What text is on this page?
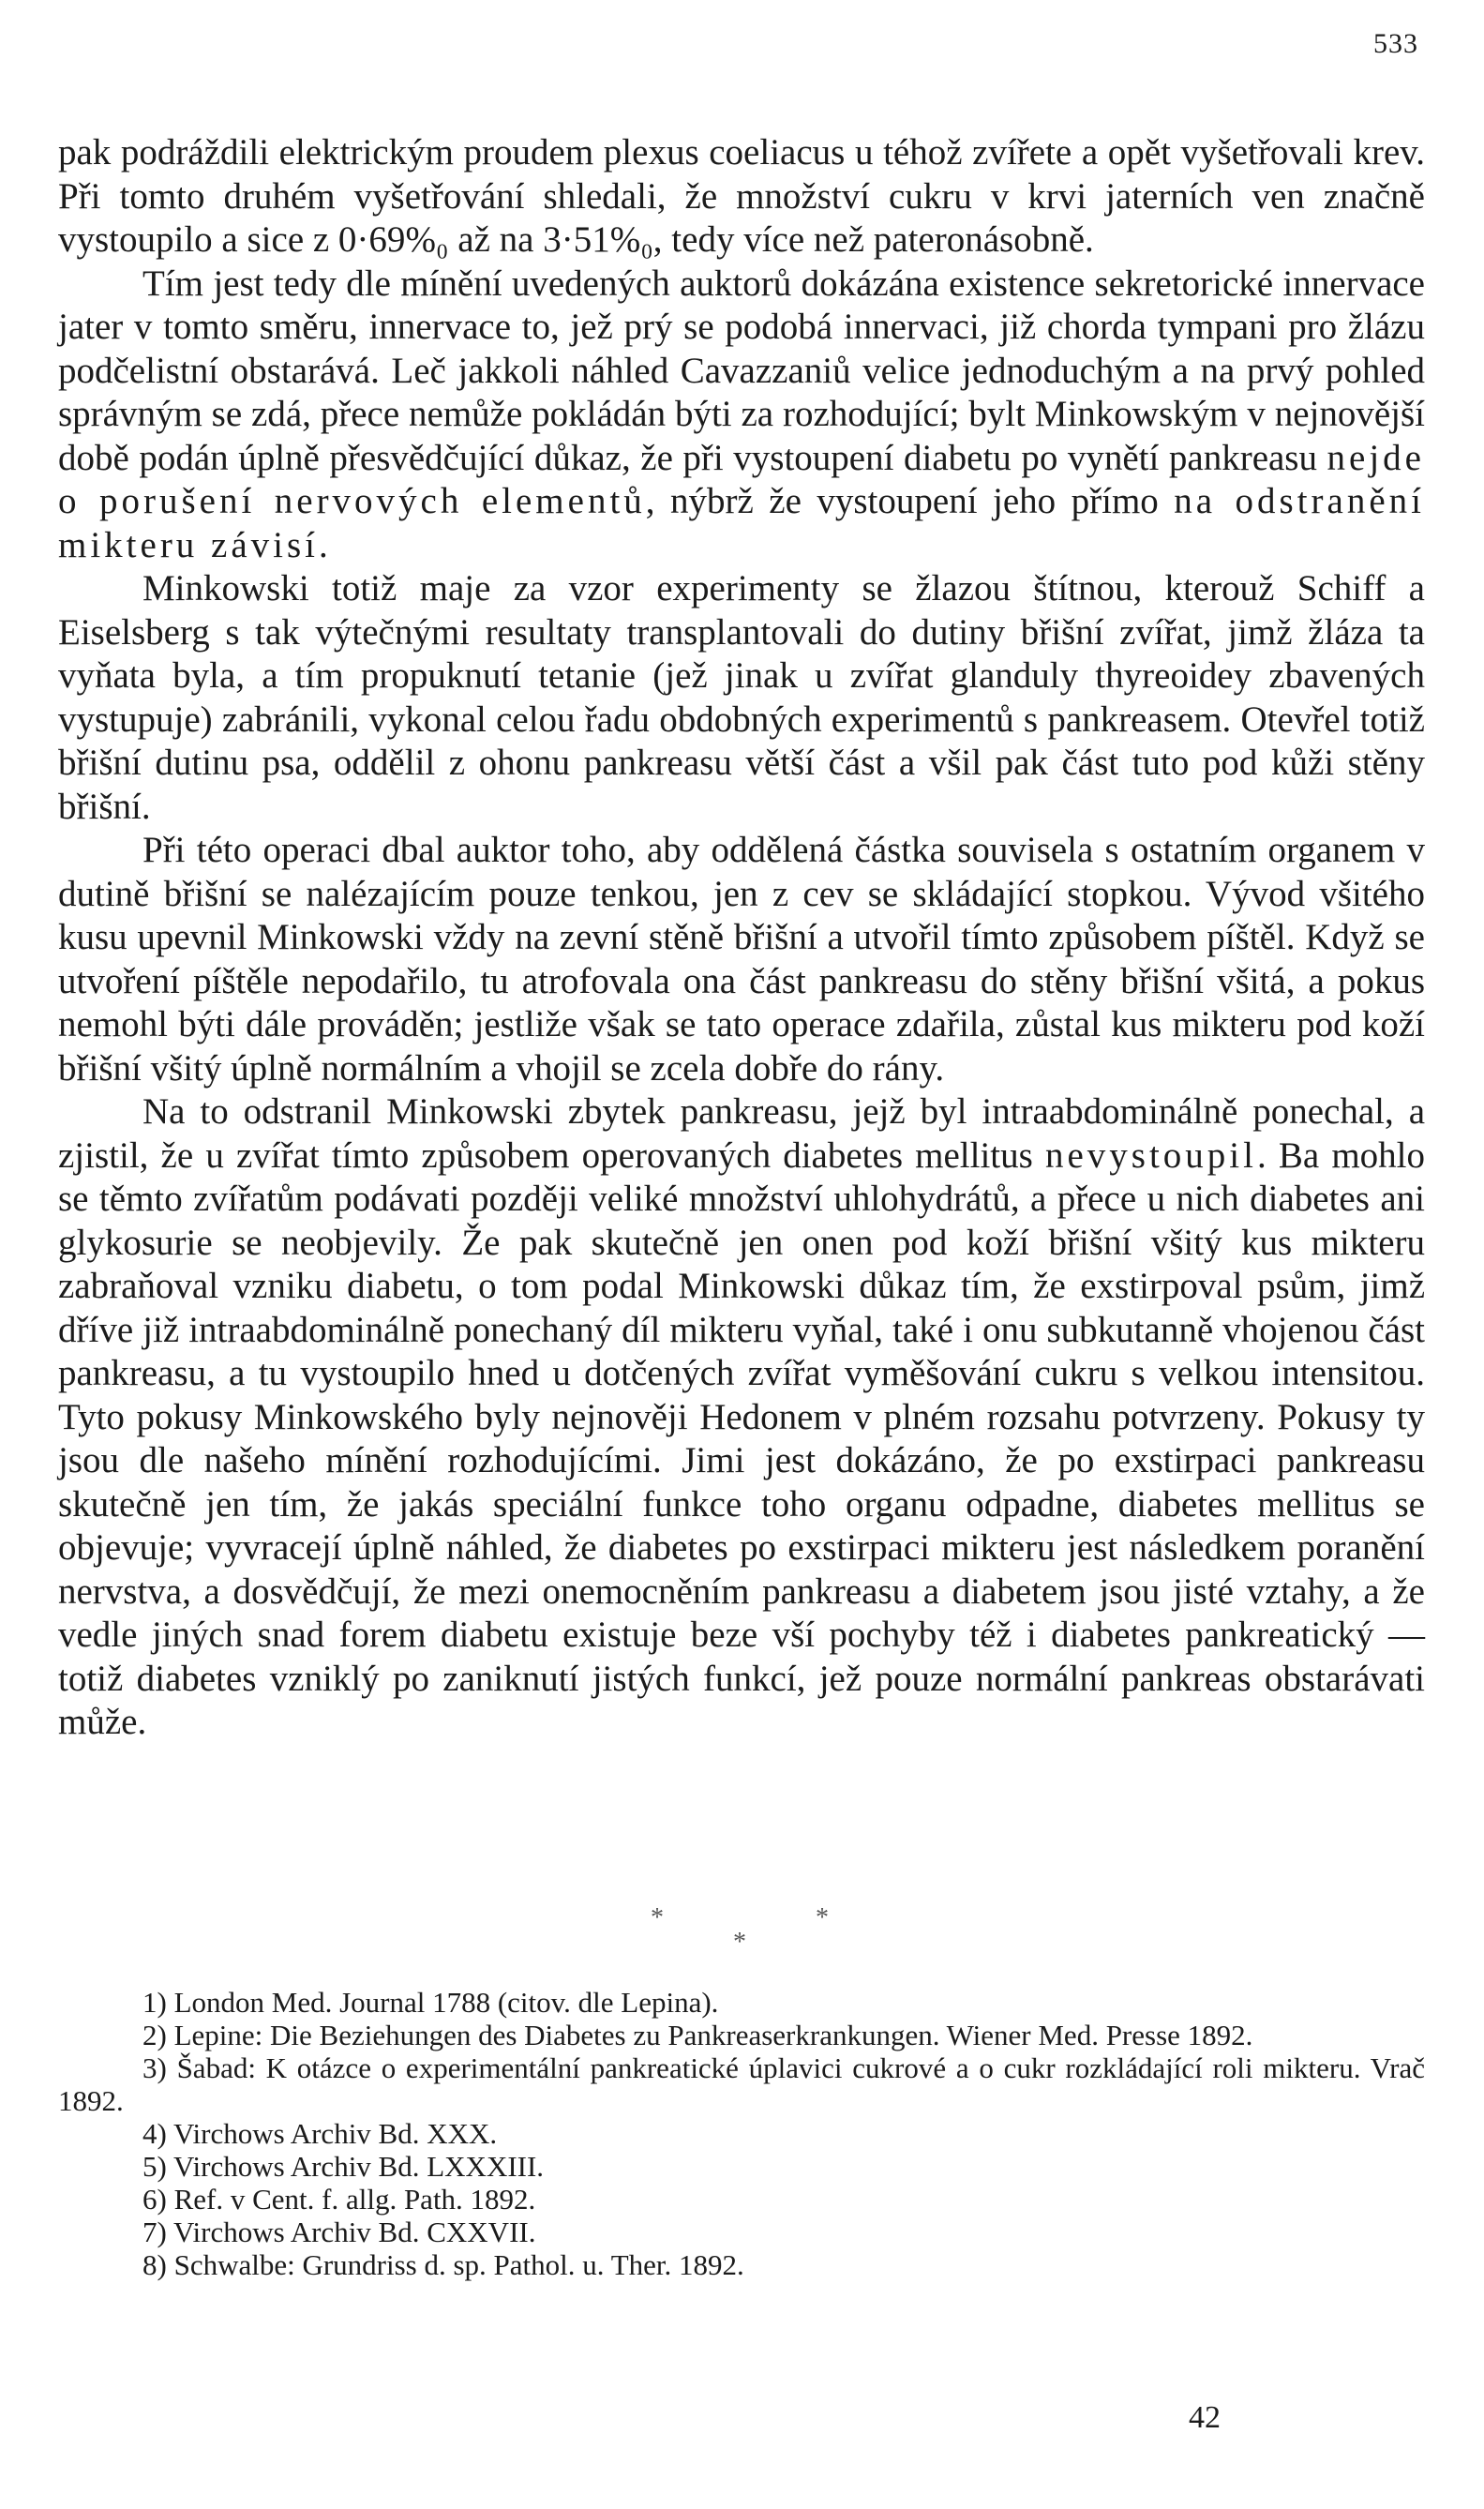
533

pak podráždili elektrickým proudem plexus coeliacus u téhož zvířete a opět vyšetřovali krev. Při tomto druhém vyšetřování shledali, že množství cukru v krvi jaterních ven značně vystoupilo a sice z 0·69%₀ až na 3·51%₀, tedy více než pateronásobně.

Tím jest tedy dle mínění uvedených auktorů dokázána existence sekretorické innervace jater v tomto směru, innervace to, jež prý se podobá innervaci, již chorda tympani pro žlázu podčelistní obstarává. Leč jakkoli náhled Cavazzaniů velice jednoduchým a na prvý pohled správným se zdá, přece nemůže pokládán býti za rozhodující; bylt Minkowským v nejnovější době podán úplně přesvědčující důkaz, že při vystoupení diabetu po vynětí pankreasu nejde o porušení nervových elementů, nýbrž že vystoupení jeho přímo na odstranění mikteru závisí.

Minkowski totiž maje za vzor experimenty se žlazou štítnou, kterouž Schiff a Eiselsberg s tak výtečnými resultaty transplantovali do dutiny břišní zvířat, jimž žláza ta vyňata byla, a tím propuknutí tetanie (jež jinak u zvířat glanduly thyreoidey zbavených vystupuje) zabránili, vykonal celou řadu obdobných experimentů s pankreasem. Otevřel totiž břišní dutinu psa, oddělil z ohonu pankreasu větší část a všil pak část tuto pod kůži stěny břišní.

Při této operaci dbal auktor toho, aby oddělená částka souvisela s ostatním organem v dutině břišní se nalézajícím pouze tenkou, jen z cev se skládající stopkou. Vývod všitého kusu upevnil Minkowski vždy na zevní stěně břišní a utvořil tímto způsobem píštěl. Když se utvoření píštěle nepodařilo, tu atrofovala ona část pankreasu do stěny břišní všitá, a pokus nemohl býti dále prováděn; jestliže však se tato operace zdařila, zůstal kus mikteru pod koží břišní všitý úplně normálním a vhojil se zcela dobře do rány.

Na to odstranil Minkowski zbytek pankreasu, jejž byl intraabdominálně ponechal, a zjistil, že u zvířat tímto způsobem operovaných diabetes mellitus nevystoupil. Ba mohlo se těmto zvířatům podávati později veliké množství uhlohydrátů, a přece u nich diabetes ani glykosurie se neobjevily. Že pak skutečně jen onen pod koží břišní všitý kus mikteru zabraňoval vzniku diabetu, o tom podal Minkowski důkaz tím, že exstirpoval psům, jimž dříve již intraabdominálně ponechaný díl mikteru vyňal, také i onu subkutanně vhojenou část pankreasu, a tu vystoupilo hned u dotčených zvířat vyměšování cukru s velkou intensitou. Tyto pokusy Minkowského byly nejnověji Hedonem v plném rozsahu potvrzeny. Pokusy ty jsou dle našeho mínění rozhodujícími. Jimi jest dokázáno, že po exstirpaci pankreasu skutečně jen tím, že jakás speciální funkce toho organu odpadne, diabetes mellitus se objevuje; vyvracejí úplně náhled, že diabetes po exstirpaci mikteru jest následkem poranění nervstva, a dosvědčují, že mezi onemocněním pankreasu a diabetem jsou jisté vztahy, a že vedle jiných snad forem diabetu existuje beze vší pochyby též i diabetes pankreatický — totiž diabetes vzniklý po zaniknutí jistých funkcí, jež pouze normální pankreas obstarávati může.

*	*
*

1) London Med. Journal 1788 (citov. dle Lepina).

2) Lepine: Die Beziehungen des Diabetes zu Pankreaserkrankungen. Wiener Med. Presse 1892.

3) Šabad: K otázce o experimentální pankreatické úplavici cukrové a o cukr rozkládající roli mikteru. Vrač 1892.

4) Virchows Archiv Bd. XXX.

5) Virchows Archiv Bd. LXXXIII.

6) Ref. v Cent. f. allg. Path. 1892.

7) Virchows Archiv Bd. CXXVII.

8) Schwalbe: Grundriss d. sp. Pathol. u. Ther. 1892.

42
